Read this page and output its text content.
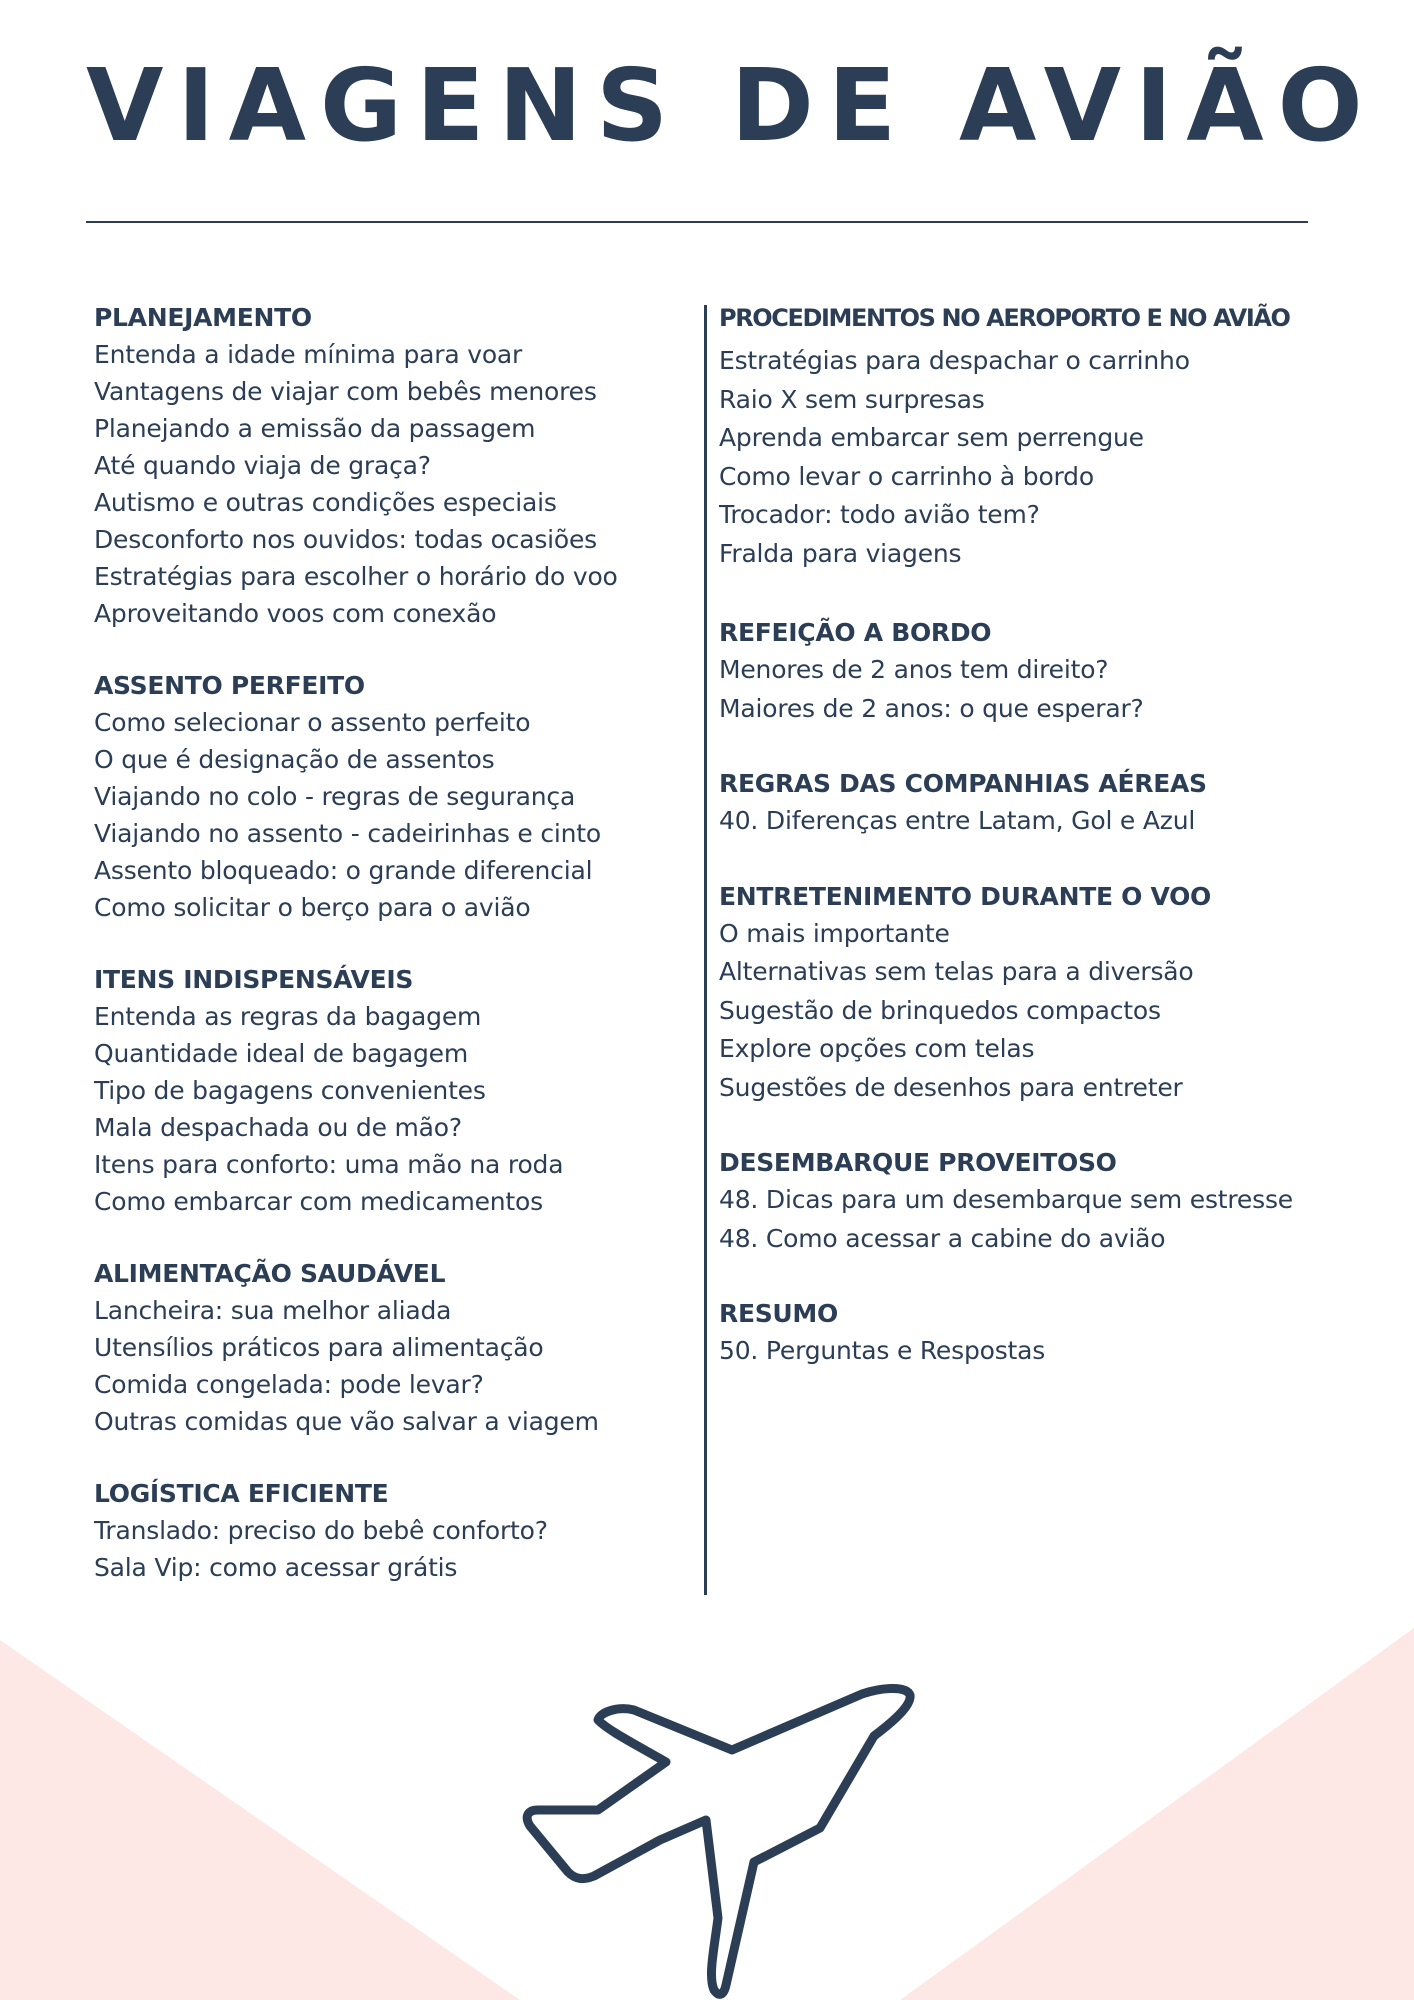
VIAGENS DE AVIÃO
PLANEJAMENTO
Entenda a idade mínima para voar
Vantagens de viajar com bebês menores
Planejando a emissão da passagem
Até quando viaja de graça?
Autismo e outras condições especiais
Desconforto nos ouvidos: todas ocasiões
Estratégias para escolher o horário do voo
Aproveitando voos com conexão
ASSENTO PERFEITO
Como selecionar o assento perfeito
O que é designação de assentos
Viajando no colo - regras de segurança
Viajando no assento - cadeirinhas e cinto
Assento bloqueado: o grande diferencial
Como solicitar o berço para o avião
ITENS INDISPENSÁVEIS
Entenda as regras da bagagem
Quantidade ideal de bagagem
Tipo de bagagens convenientes
Mala despachada ou de mão?
Itens para conforto: uma mão na roda
Como embarcar com medicamentos
ALIMENTAÇÃO SAUDÁVEL
Lancheira: sua melhor aliada
Utensílios práticos para alimentação
Comida congelada: pode levar?
Outras comidas que vão salvar a viagem
LOGÍSTICA EFICIENTE
Translado: preciso do bebê conforto?
Sala Vip: como acessar grátis
PROCEDIMENTOS NO AEROPORTO E NO AVIÃO
Estratégias para despachar o carrinho
Raio X sem surpresas
Aprenda embarcar sem perrengue
Como levar o carrinho à bordo
Trocador: todo avião tem?
Fralda para viagens
REFEIÇÃO A BORDO
Menores de 2 anos tem direito?
Maiores de 2 anos: o que esperar?
REGRAS DAS COMPANHIAS AÉREAS
40. Diferenças entre Latam, Gol e Azul
ENTRETENIMENTO DURANTE O VOO
O mais importante
Alternativas sem telas para a diversão
Sugestão de brinquedos compactos
Explore opções com telas
Sugestões de desenhos para entreter
DESEMBARQUE PROVEITOSO
48. Dicas para um desembarque sem estresse
48. Como acessar a cabine do avião
RESUMO
50. Perguntas e Respostas
